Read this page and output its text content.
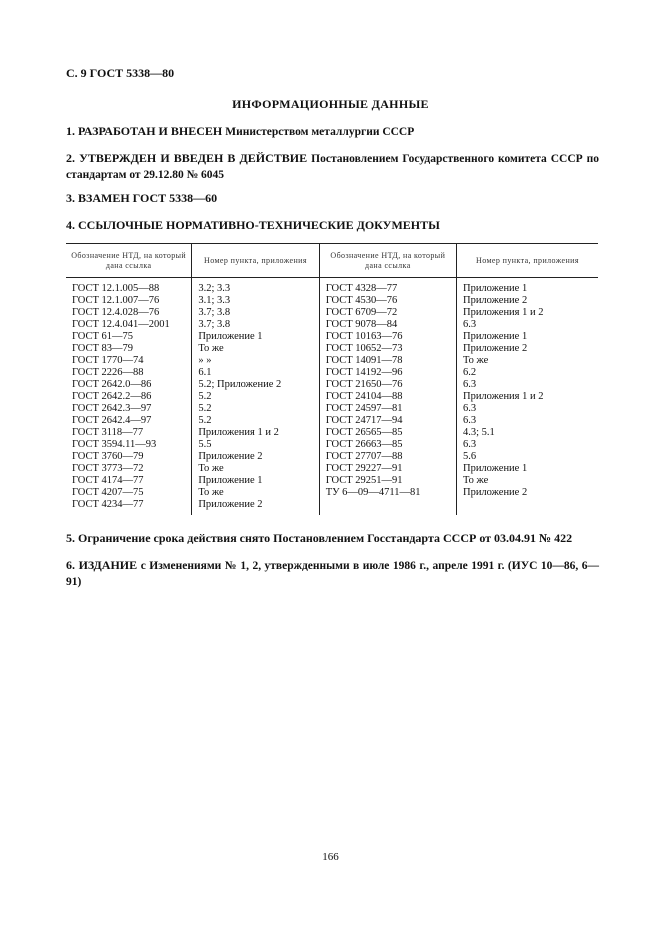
С. 9 ГОСТ 5338—80
ИНФОРМАЦИОННЫЕ ДАННЫЕ
1. РАЗРАБОТАН И ВНЕСЕН Министерством металлургии СССР
2. УТВЕРЖДЕН И ВВЕДЕН В ДЕЙСТВИЕ Постановлением Государственного комитета СССР по стандартам от 29.12.80 № 6045
3. ВЗАМЕН ГОСТ 5338—60
4. ССЫЛОЧНЫЕ НОРМАТИВНО-ТЕХНИЧЕСКИЕ ДОКУМЕНТЫ
Обозначение НТД, на который дана ссылка	Номер пункта, приложения	Обозначение НТД, на который дана ссылка	Номер пункта, приложения
ГОСТ 12.1.005—88	3.2; 3.3	ГОСТ 4328—77	Приложение 1
ГОСТ 12.1.007—76	3.1; 3.3	ГОСТ 4530—76	Приложение 2
ГОСТ 12.4.028—76	3.7; 3.8	ГОСТ 6709—72	Приложения 1 и 2
ГОСТ 12.4.041—2001	3.7; 3.8	ГОСТ 9078—84	6.3
ГОСТ 61—75	Приложение 1	ГОСТ 10163—76	Приложение 1
ГОСТ 83—79	То же	ГОСТ 10652—73	Приложение 2
ГОСТ 1770—74	» »	ГОСТ 14091—78	То же
ГОСТ 2226—88	6.1	ГОСТ 14192—96	6.2
ГОСТ 2642.0—86	5.2; Приложение 2	ГОСТ 21650—76	6.3
ГОСТ 2642.2—86	5.2	ГОСТ 24104—88	Приложения 1 и 2
ГОСТ 2642.3—97	5.2	ГОСТ 24597—81	6.3
ГОСТ 2642.4—97	5.2	ГОСТ 24717—94	6.3
ГОСТ 3118—77	Приложения 1 и 2	ГОСТ 26565—85	4.3; 5.1
ГОСТ 3594.11—93	5.5	ГОСТ 26663—85	6.3
ГОСТ 3760—79	Приложение 2	ГОСТ 27707—88	5.6
ГОСТ 3773—72	То же	ГОСТ 29227—91	Приложение 1
ГОСТ 4174—77	Приложение 1	ГОСТ 29251—91	То же
ГОСТ 4207—75	То же	ТУ 6—09—4711—81	Приложение 2
ГОСТ 4234—77	Приложение 2		
5. Ограничение срока действия снято Постановлением Госстандарта СССР от 03.04.91 № 422
6. ИЗДАНИЕ с Изменениями № 1, 2, утвержденными в июле 1986 г., апреле 1991 г. (ИУС 10—86, 6—91)
166
